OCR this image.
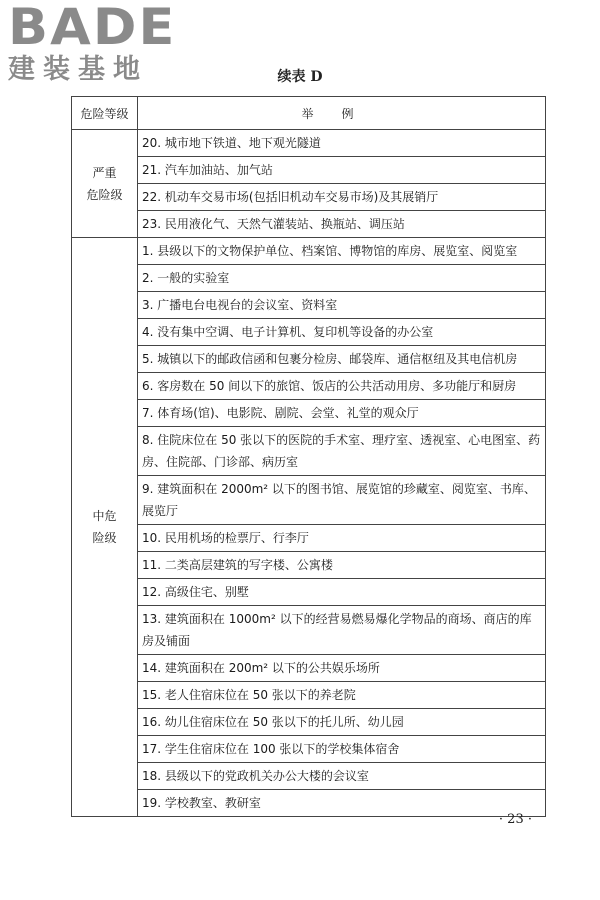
BADE
建装基地	续表 D
危险等级	举例

严重
危险级	20. 城市地下铁道、地下观光隧道
	21. 汽车加油站、加气站
	22. 机动车交易市场(包括旧机动车交易市场)及其展销厅
	23. 民用液化气、天然气灌装站、换瓶站、调压站

中危
险级	1. 县级以下的文物保护单位、档案馆、博物馆的库房、展览室、阅览室
	2. 一般的实验室
	3. 广播电台电视台的会议室、资料室
	4. 没有集中空调、电子计算机、复印机等设备的办公室
	5. 城镇以下的邮政信函和包裹分检房、邮袋库、通信枢纽及其电信机房
	6. 客房数在 50 间以下的旅馆、饭店的公共活动用房、多功能厅和厨房
	7. 体育场(馆)、电影院、剧院、会堂、礼堂的观众厅
	8. 住院床位在 50 张以下的医院的手术室、理疗室、透视室、心电图室、药房、住院部、门诊部、病历室
	9. 建筑面积在 2000m² 以下的图书馆、展览馆的珍藏室、阅览室、书库、展览厅
	10. 民用机场的检票厅、行李厅
	11. 二类高层建筑的写字楼、公寓楼
	12. 高级住宅、别墅
	13. 建筑面积在 1000m² 以下的经营易燃易爆化学物品的商场、商店的库房及铺面
	14. 建筑面积在 200m² 以下的公共娱乐场所
	15. 老人住宿床位在 50 张以下的养老院
	16. 幼儿住宿床位在 50 张以下的托儿所、幼儿园
	17. 学生住宿床位在 100 张以下的学校集体宿舍
	18. 县级以下的党政机关办公大楼的会议室
	19. 学校教室、教研室
· 23 ·
